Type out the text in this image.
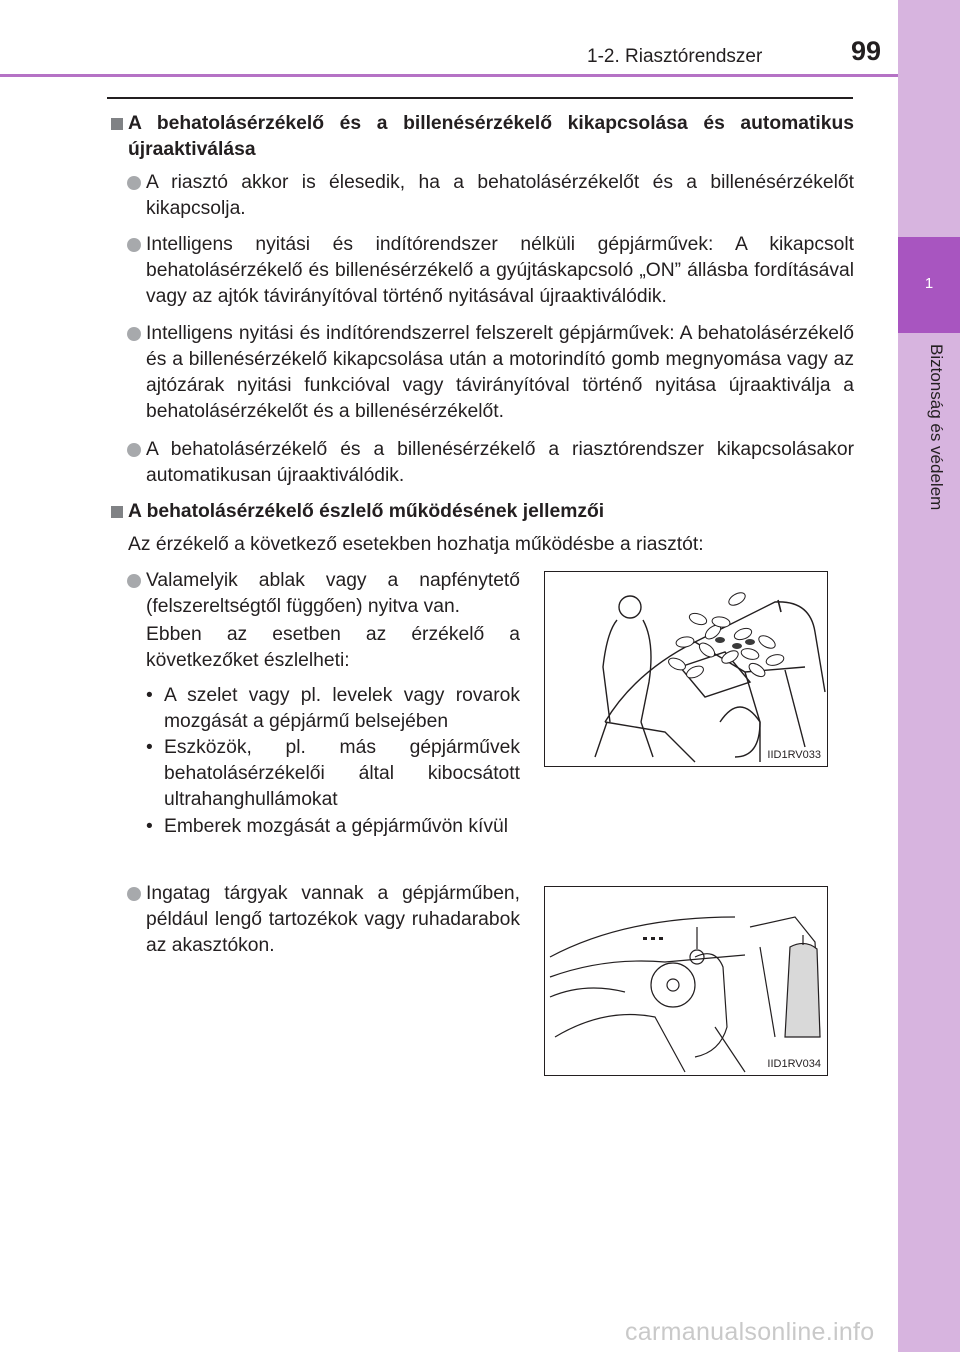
1-2. Riasztórendszer	99
1
Biztonság és védelem
A behatolásérzékelő és a billenésérzékelő kikapcsolása és automatikus újraaktiválása
A riasztó akkor is élesedik, ha a behatolásérzékelőt és a billenésérzékelőt kikapcsolja.
Intelligens nyitási és indítórendszer nélküli gépjárművek: A kikapcsolt behatolásérzékelő és billenésérzékelő a gyújtáskapcsoló „ON” állásba fordításával vagy az ajtók távirányítóval történő nyitásával újraaktiválódik.
Intelligens nyitási és indítórendszerrel felszerelt gépjárművek: A behatolásérzékelő és a billenésérzékelő kikapcsolása után a motorindító gomb megnyomása vagy az ajtózárak nyitási funkcióval vagy távirányítóval történő nyitása újraaktiválja a behatolásérzékelőt és a billenésérzékelőt.
A behatolásérzékelő és a billenésérzékelő a riasztórendszer kikapcsolásakor automatikusan újraaktiválódik.
A behatolásérzékelő észlelő működésének jellemzői
Az érzékelő a következő esetekben hozhatja működésbe a riasztót:
Valamelyik ablak vagy a napfénytető (felszereltségtől függően) nyitva van.
Ebben az esetben az érzékelő a következőket észlelheti:
• A szelet vagy pl. levelek vagy rovarok mozgását a gépjármű belsejében
• Eszközök, pl. más gépjárművek behatolásérzékelői által kibocsátott ultrahanghullámokat
• Emberek mozgását a gépjárművön kívül
Ingatag tárgyak vannak a gépjárműben, például lengő tartozékok vagy ruhadarabok az akasztókon.
IID1RV033
IID1RV034
carmanualsonline.info
